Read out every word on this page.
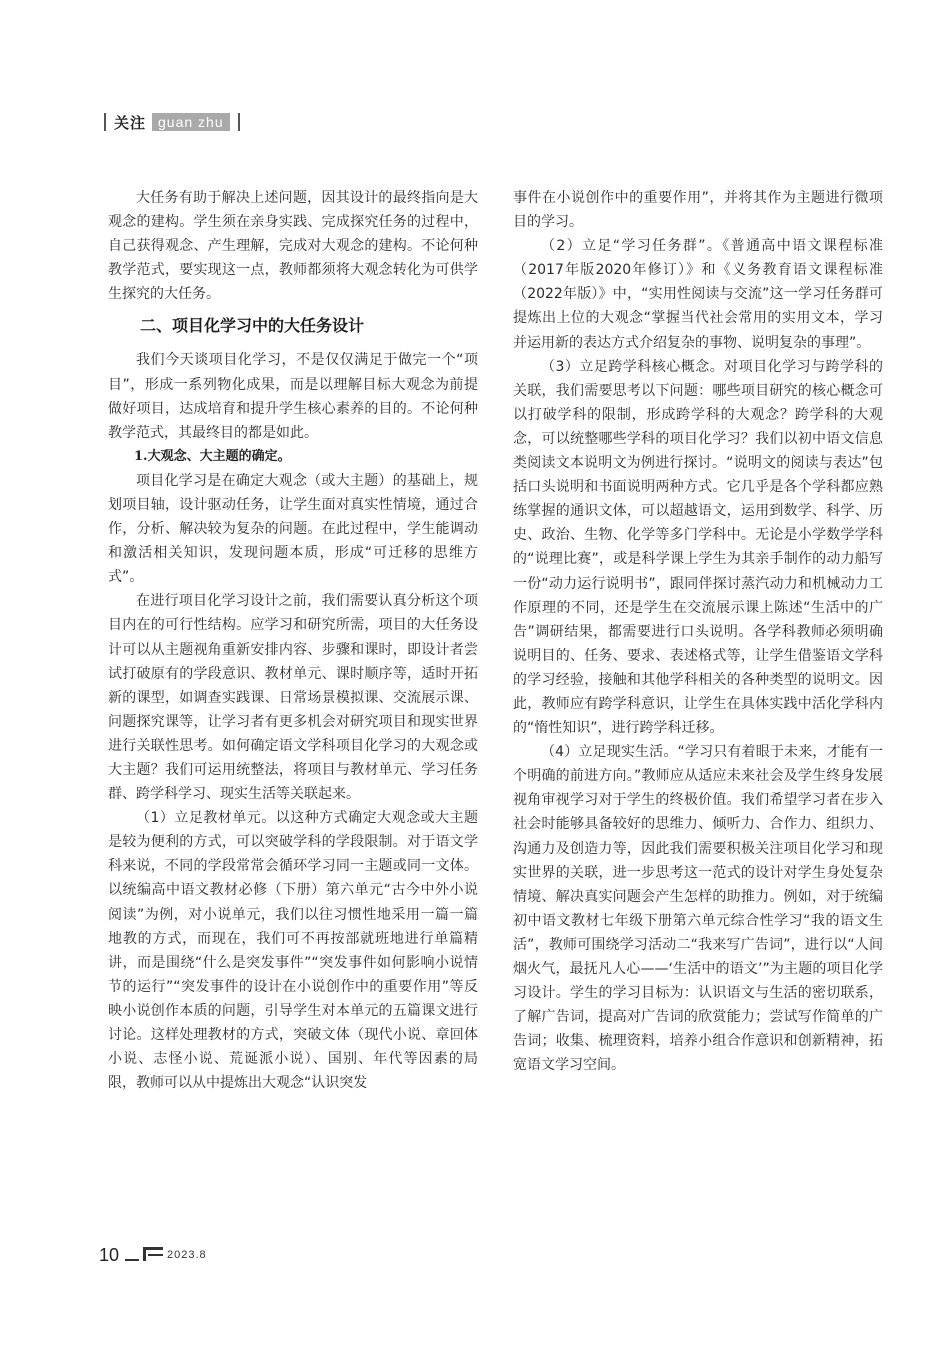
关注 guan zhu

大任务有助于解决上述问题，因其设计的最终指向是大观念的建构。学生须在亲身实践、完成探究任务的过程中，自己获得观念、产生理解，完成对大观念的建构。不论何种教学范式，要实现这一点，教师都须将大观念转化为可供学生探究的大任务。

二、项目化学习中的大任务设计

我们今天谈项目化学习，不是仅仅满足于做完一个“项目”，形成一系列物化成果，而是以理解目标大观念为前提做好项目，达成培育和提升学生核心素养的目的。不论何种教学范式，其最终目的都是如此。

1.大观念、大主题的确定。

项目化学习是在确定大观念（或大主题）的基础上，规划项目轴，设计驱动任务，让学生面对真实性情境，通过合作，分析、解决较为复杂的问题。在此过程中，学生能调动和激活相关知识，发现问题本质，形成“可迁移的思维方式”。

在进行项目化学习设计之前，我们需要认真分析这个项目内在的可行性结构。应学习和研究所需，项目的大任务设计可以从主题视角重新安排内容、步骤和课时，即设计者尝试打破原有的学段意识、教材单元、课时顺序等，适时开拓新的课型，如调查实践课、日常场景模拟课、交流展示课、问题探究课等，让学习者有更多机会对研究项目和现实世界进行关联性思考。如何确定语文学科项目化学习的大观念或大主题？我们可运用统整法，将项目与教材单元、学习任务群、跨学科学习、现实生活等关联起来。

（1）立足教材单元。以这种方式确定大观念或大主题是较为便利的方式，可以突破学科的学段限制。对于语文学科来说，不同的学段常常会循环学习同一主题或同一文体。以统编高中语文教材必修（下册）第六单元“古今中外小说阅读”为例，对小说单元，我们以往习惯性地采用一篇一篇地教的方式，而现在，我们可不再按部就班地进行单篇精讲，而是围绕“什么是突发事件”“突发事件如何影响小说情节的运行”“突发事件的设计在小说创作中的重要作用”等反映小说创作本质的问题，引导学生对本单元的五篇课文进行讨论。这样处理教材的方式，突破文体（现代小说、章回体小说、志怪小说、荒诞派小说）、国别、年代等因素的局限，教师可以从中提炼出大观念“认识突发

事件在小说创作中的重要作用”，并将其作为主题进行微项目的学习。

（2）立足“学习任务群”。《普通高中语文课程标准（2017年版2020年修订）》和《义务教育语文课程标准（2022年版）》中，“实用性阅读与交流”这一学习任务群可提炼出上位的大观念“掌握当代社会常用的实用文本，学习并运用新的表达方式介绍复杂的事物、说明复杂的事理”。

（3）立足跨学科核心概念。对项目化学习与跨学科的关联，我们需要思考以下问题：哪些项目研究的核心概念可以打破学科的限制，形成跨学科的大观念？跨学科的大观念，可以统整哪些学科的项目化学习？我们以初中语文信息类阅读文本说明文为例进行探讨。“说明文的阅读与表达”包括口头说明和书面说明两种方式。它几乎是各个学科都应熟练掌握的通识文体，可以超越语文，运用到数学、科学、历史、政治、生物、化学等多门学科中。无论是小学数学学科的“说理比赛”，或是科学课上学生为其亲手制作的动力船写一份“动力运行说明书”，跟同伴探讨蒸汽动力和机械动力工作原理的不同，还是学生在交流展示课上陈述“生活中的广告”调研结果，都需要进行口头说明。各学科教师必须明确说明目的、任务、要求、表述格式等，让学生借鉴语文学科的学习经验，接触和其他学科相关的各种类型的说明文。因此，教师应有跨学科意识，让学生在具体实践中活化学科内的“惰性知识”，进行跨学科迁移。

（4）立足现实生活。“学习只有着眼于未来，才能有一个明确的前进方向。”教师应从适应未来社会及学生终身发展视角审视学习对于学生的终极价值。我们希望学习者在步入社会时能够具备较好的思维力、倾听力、合作力、组织力、沟通力及创造力等，因此我们需要积极关注项目化学习和现实世界的关联，进一步思考这一范式的设计对学生身处复杂情境、解决真实问题会产生怎样的助推力。例如，对于统编初中语文教材七年级下册第六单元综合性学习“我的语文生活”，教师可围绕学习活动二“我来写广告词”，进行以“人间烟火气，最抚凡人心——‘生活中的语文’”为主题的项目化学习设计。学生的学习目标为：认识语文与生活的密切联系，了解广告词，提高对广告词的欣赏能力；尝试写作简单的广告词；收集、梳理资料，培养小组合作意识和创新精神，拓宽语文学习空间。

10	2023.8
